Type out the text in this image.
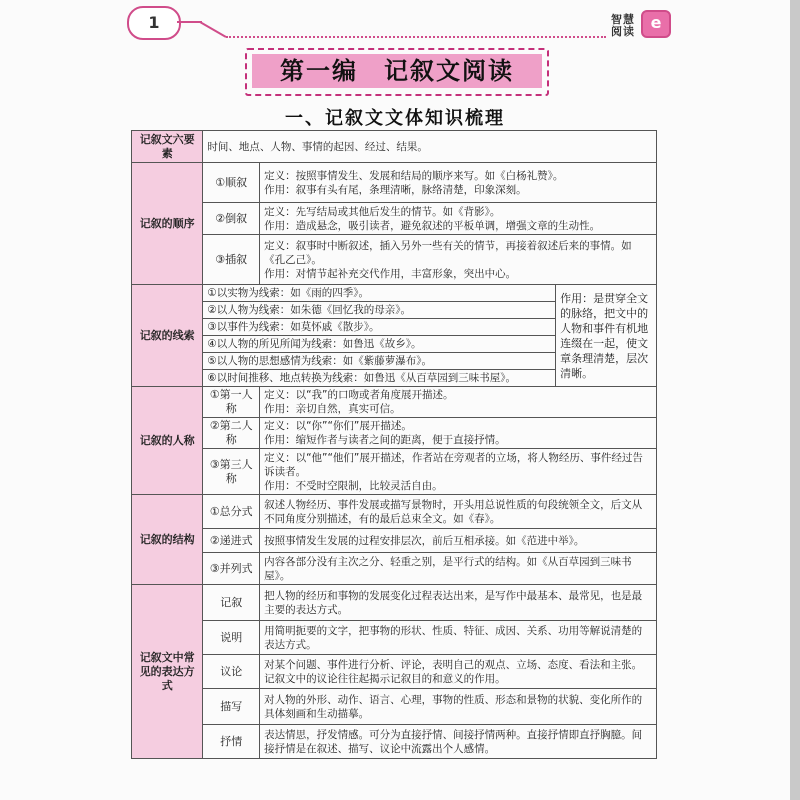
1	智慧
阅读 e
第一编　记叙文阅读
一、记叙文文体知识梳理
记叙文六要素	时间、地点、人物、事情的起因、经过、结果。		
记叙的顺序	①顺叙	定义：按照事情发生、发展和结局的顺序来写。如《白杨礼赞》。
作用：叙事有头有尾，条理清晰，脉络清楚，印象深刻。	

	②倒叙	定义：先写结局或其他后发生的情节。如《背影》。
作用：造成悬念，吸引读者，避免叙述的平板单调，增强文章的生动性。	

	③插叙	定义：叙事时中断叙述，插入另外一些有关的情节，再接着叙述后来的事情。如《孔乙己》。
作用：对情节起补充交代作用，丰富形象，突出中心。	

记叙的线索	①以实物为线索：如《雨的四季》。		作用：是贯穿全文的脉络，把文中的人物和事件有机地连缀在一起，使文章条理清楚，层次清晰。
	②以人物为线索：如朱德《回忆我的母亲》。		
	③以事件为线索：如莫怀戚《散步》。		
	④以人物的所见所闻为线索：如鲁迅《故乡》。		
	⑤以人物的思想感情为线索：如《紫藤萝瀑布》。		
	⑥以时间推移、地点转换为线索：如鲁迅《从百草园到三味书屋》。		
记叙的人称	①第一人称	定义：以“我”的口吻或者角度展开描述。
作用：亲切自然，真实可信。	

	②第二人称	定义：以“你”“你们”展开描述。
作用：缩短作者与读者之间的距离，便于直接抒情。	

	③第三人称	定义：以“他”“他们”展开描述，作者站在旁观者的立场，将人物经历、事件经过告诉读者。
作用：不受时空限制，比较灵活自由。	

记叙的结构	①总分式	叙述人物经历、事件发展或描写景物时，开头用总说性质的句段统领全文，后文从不同角度分别描述，有的最后总束全文。如《春》。	
	②递进式	按照事情发生发展的过程安排层次，前后互相承接。如《范进中举》。	
	③并列式	内容各部分没有主次之分、轻重之别，是平行式的结构。如《从百草园到三味书屋》。	
记叙文中常见的表达方式	记叙	把人物的经历和事物的发展变化过程表达出来，是写作中最基本、最常见，也是最主要的表达方式。	
	说明	用简明扼要的文字，把事物的形状、性质、特征、成因、关系、功用等解说清楚的表达方式。	
	议论	对某个问题、事件进行分析、评论，表明自己的观点、立场、态度、看法和主张。记叙文中的议论往往起揭示记叙目的和意义的作用。	
	描写	对人物的外形、动作、语言、心理，事物的性质、形态和景物的状貌、变化所作的具体刻画和生动描摹。	
	抒情	表达情思，抒发情感。可分为直接抒情、间接抒情两种。直接抒情即直抒胸臆。间接抒情是在叙述、描写、议论中流露出个人感情。	
